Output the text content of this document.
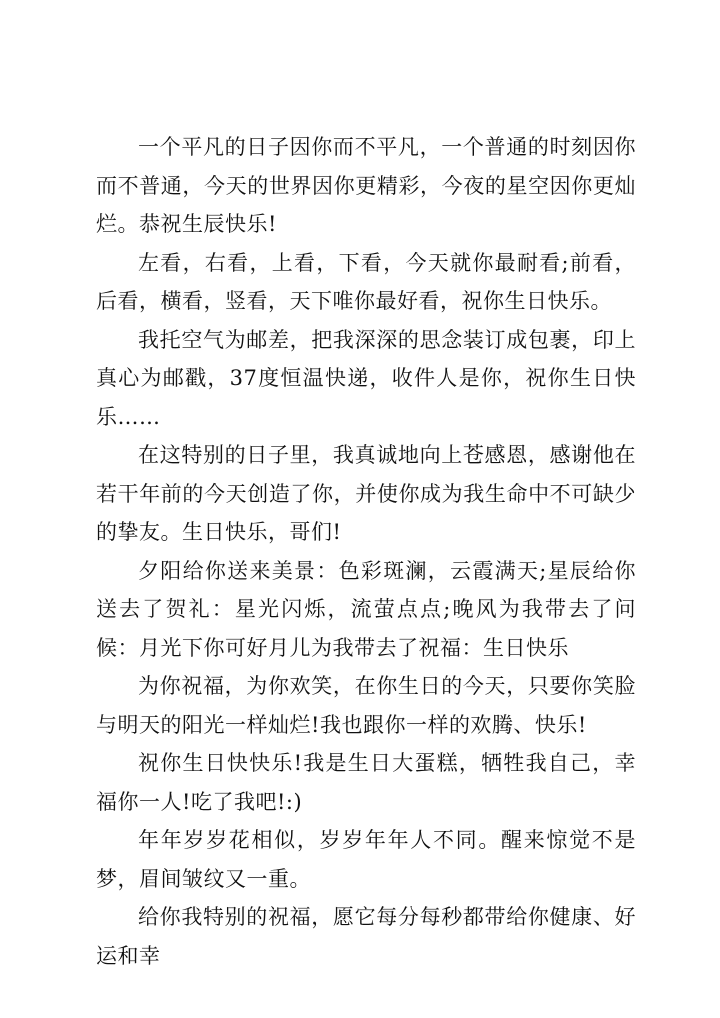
一个平凡的日子因你而不平凡，一个普通的时刻因你而不普通，今天的世界因你更精彩，今夜的星空因你更灿烂。恭祝生辰快乐!

左看，右看，上看，下看，今天就你最耐看;前看，后看，横看，竖看，天下唯你最好看，祝你生日快乐。

我托空气为邮差，把我深深的思念装订成包裹，印上真心为邮戳，37度恒温快递，收件人是你，祝你生日快乐……

在这特别的日子里，我真诚地向上苍感恩，感谢他在若干年前的今天创造了你，并使你成为我生命中不可缺少的挚友。生日快乐，哥们!

夕阳给你送来美景：色彩斑澜，云霞满天;星辰给你送去了贺礼：星光闪烁，流萤点点;晚风为我带去了问候：月光下你可好月儿为我带去了祝福：生日快乐

为你祝福，为你欢笑，在你生日的今天，只要你笑脸与明天的阳光一样灿烂!我也跟你一样的欢腾、快乐!

祝你生日快快乐!我是生日大蛋糕，牺牲我自己，幸福你一人!吃了我吧!:)

年年岁岁花相似，岁岁年年人不同。醒来惊觉不是梦，眉间皱纹又一重。

给你我特别的祝福，愿它每分每秒都带给你健康、好运和幸
